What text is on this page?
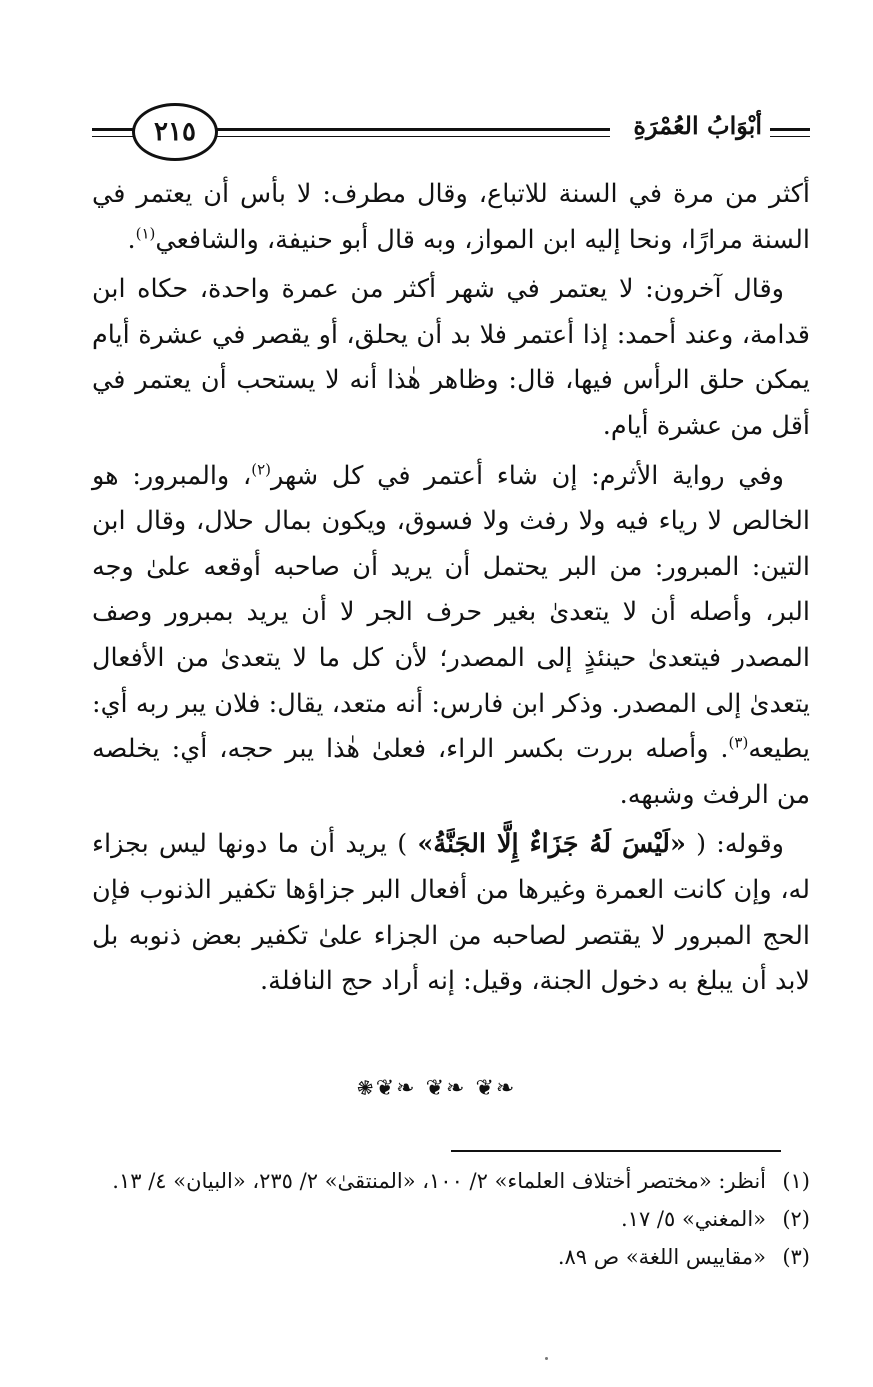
٢١٥	أبْوَابُ العُمْرَةِ

أكثر من مرة في السنة للاتباع، وقال مطرف: لا بأس أن يعتمر في السنة مرارًا، ونحا إليه ابن المواز، وبه قال أبو حنيفة، والشافعي$^{(١)}$.

وقال آخرون: لا يعتمر في شهر أكثر من عمرة واحدة، حكاه ابن قدامة، وعند أحمد: إذا أعتمر فلا بد أن يحلق، أو يقصر في عشرة أيام يمكن حلق الرأس فيها، قال: وظاهر هٰذا أنه لا يستحب أن يعتمر في أقل من عشرة أيام.

وفي رواية الأثرم: إن شاء أعتمر في كل شهر$^{(٢)}$، والمبرور: هو الخالص لا رياء فيه ولا رفث ولا فسوق، ويكون بمال حلال، وقال ابن التين: المبرور: من البر يحتمل أن يريد أن صاحبه أوقعه علىٰ وجه البر، وأصله أن لا يتعدىٰ بغير حرف الجر لا أن يريد بمبرور وصف المصدر فيتعدىٰ حينئذٍ إلى المصدر؛ لأن كل ما لا يتعدىٰ من الأفعال يتعدىٰ إلى المصدر. وذكر ابن فارس: أنه متعد، يقال: فلان يبر ربه أي: يطيعه$^{(٣)}$. وأصله بررت بكسر الراء، فعلىٰ هٰذا يبر حجه، أي: يخلصه من الرفث وشبهه.

وقوله: ( «لَيْسَ لَهُ جَزَاءٌ إِلَّا الجَنَّةُ» ) يريد أن ما دونها ليس بجزاء له، وإن كانت العمرة وغيرها من أفعال البر جزاؤها تكفير الذنوب فإن الحج المبرور لا يقتصر لصاحبه من الجزاء علىٰ تكفير بعض ذنوبه بل لابد أن يبلغ به دخول الجنة، وقيل: إنه أراد حج النافلة.

𖠇❦❧ ❦❧ ❦❧
(١)
أنظر: «مختصر أختلاف العلماء» ٢/ ١٠٠، «المنتقىٰ» ٢/ ٢٣٥، «البيان» ٤/ ١٣.
(٢)
«المغني» ٥/ ١٧.
(٣)
«مقاييس اللغة» ص ٨٩.
